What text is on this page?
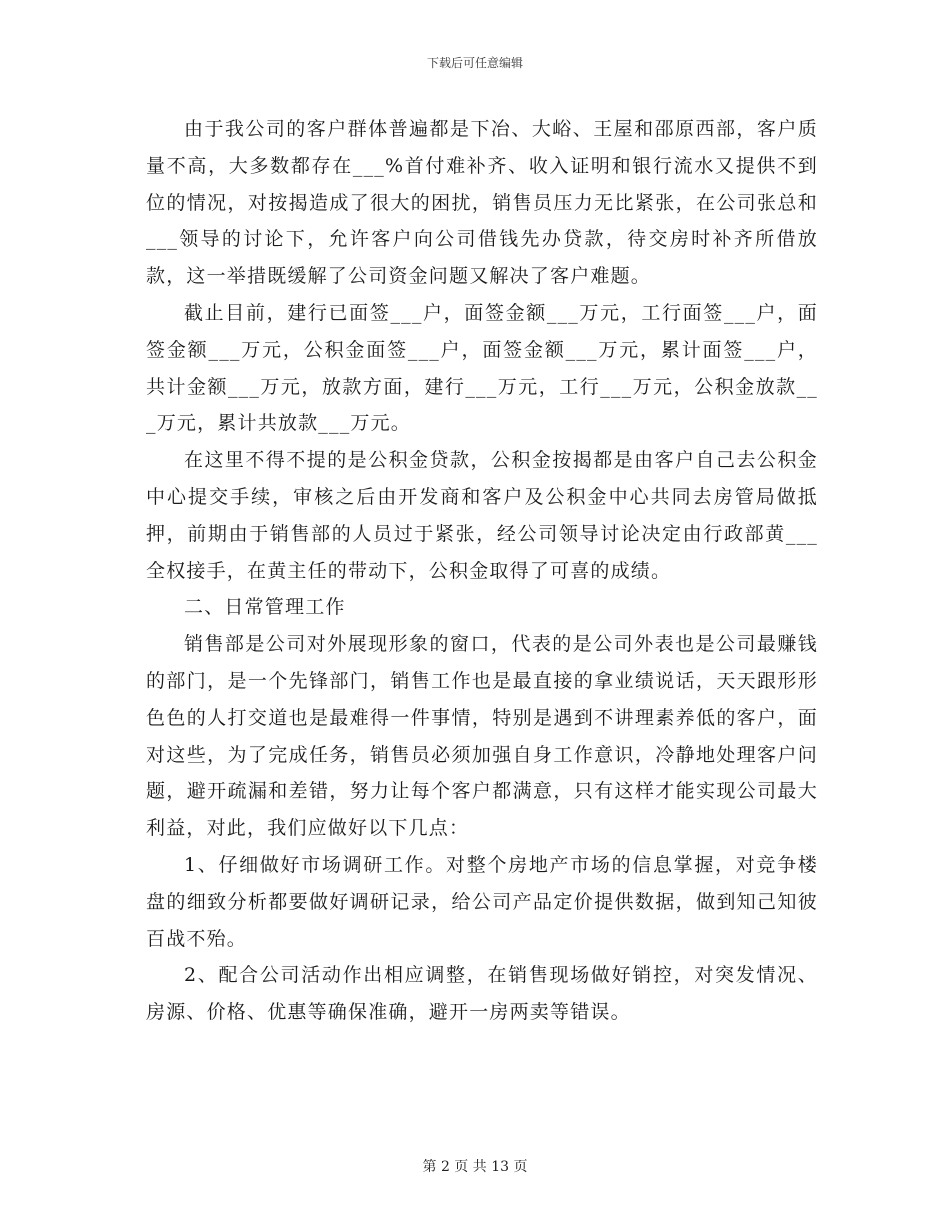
下载后可任意编辑

由于我公司的客户群体普遍都是下冶、大峪、王屋和邵原西部，客户质量不高，大多数都存在___%首付难补齐、收入证明和银行流水又提供不到位的情况，对按揭造成了很大的困扰，销售员压力无比紧张，在公司张总和___领导的讨论下，允许客户向公司借钱先办贷款，待交房时补齐所借放款，这一举措既缓解了公司资金问题又解决了客户难题。

截止目前，建行已面签___户，面签金额___万元，工行面签___户，面签金额___万元，公积金面签___户，面签金额___万元，累计面签___户，共计金额___万元，放款方面，建行___万元，工行___万元，公积金放款___万元，累计共放款___万元。

在这里不得不提的是公积金贷款，公积金按揭都是由客户自己去公积金中心提交手续，审核之后由开发商和客户及公积金中心共同去房管局做抵押，前期由于销售部的人员过于紧张，经公司领导讨论决定由行政部黄___全权接手，在黄主任的带动下，公积金取得了可喜的成绩。

二、日常管理工作

销售部是公司对外展现形象的窗口，代表的是公司外表也是公司最赚钱的部门，是一个先锋部门，销售工作也是最直接的拿业绩说话，天天跟形形色色的人打交道也是最难得一件事情，特别是遇到不讲理素养低的客户，面对这些，为了完成任务，销售员必须加强自身工作意识，冷静地处理客户问题，避开疏漏和差错，努力让每个客户都满意，只有这样才能实现公司最大利益，对此，我们应做好以下几点：

1、仔细做好市场调研工作。对整个房地产市场的信息掌握，对竞争楼盘的细致分析都要做好调研记录，给公司产品定价提供数据，做到知己知彼百战不殆。

2、配合公司活动作出相应调整，在销售现场做好销控，对突发情况、房源、价格、优惠等确保准确，避开一房两卖等错误。

第 2 页 共 13 页
